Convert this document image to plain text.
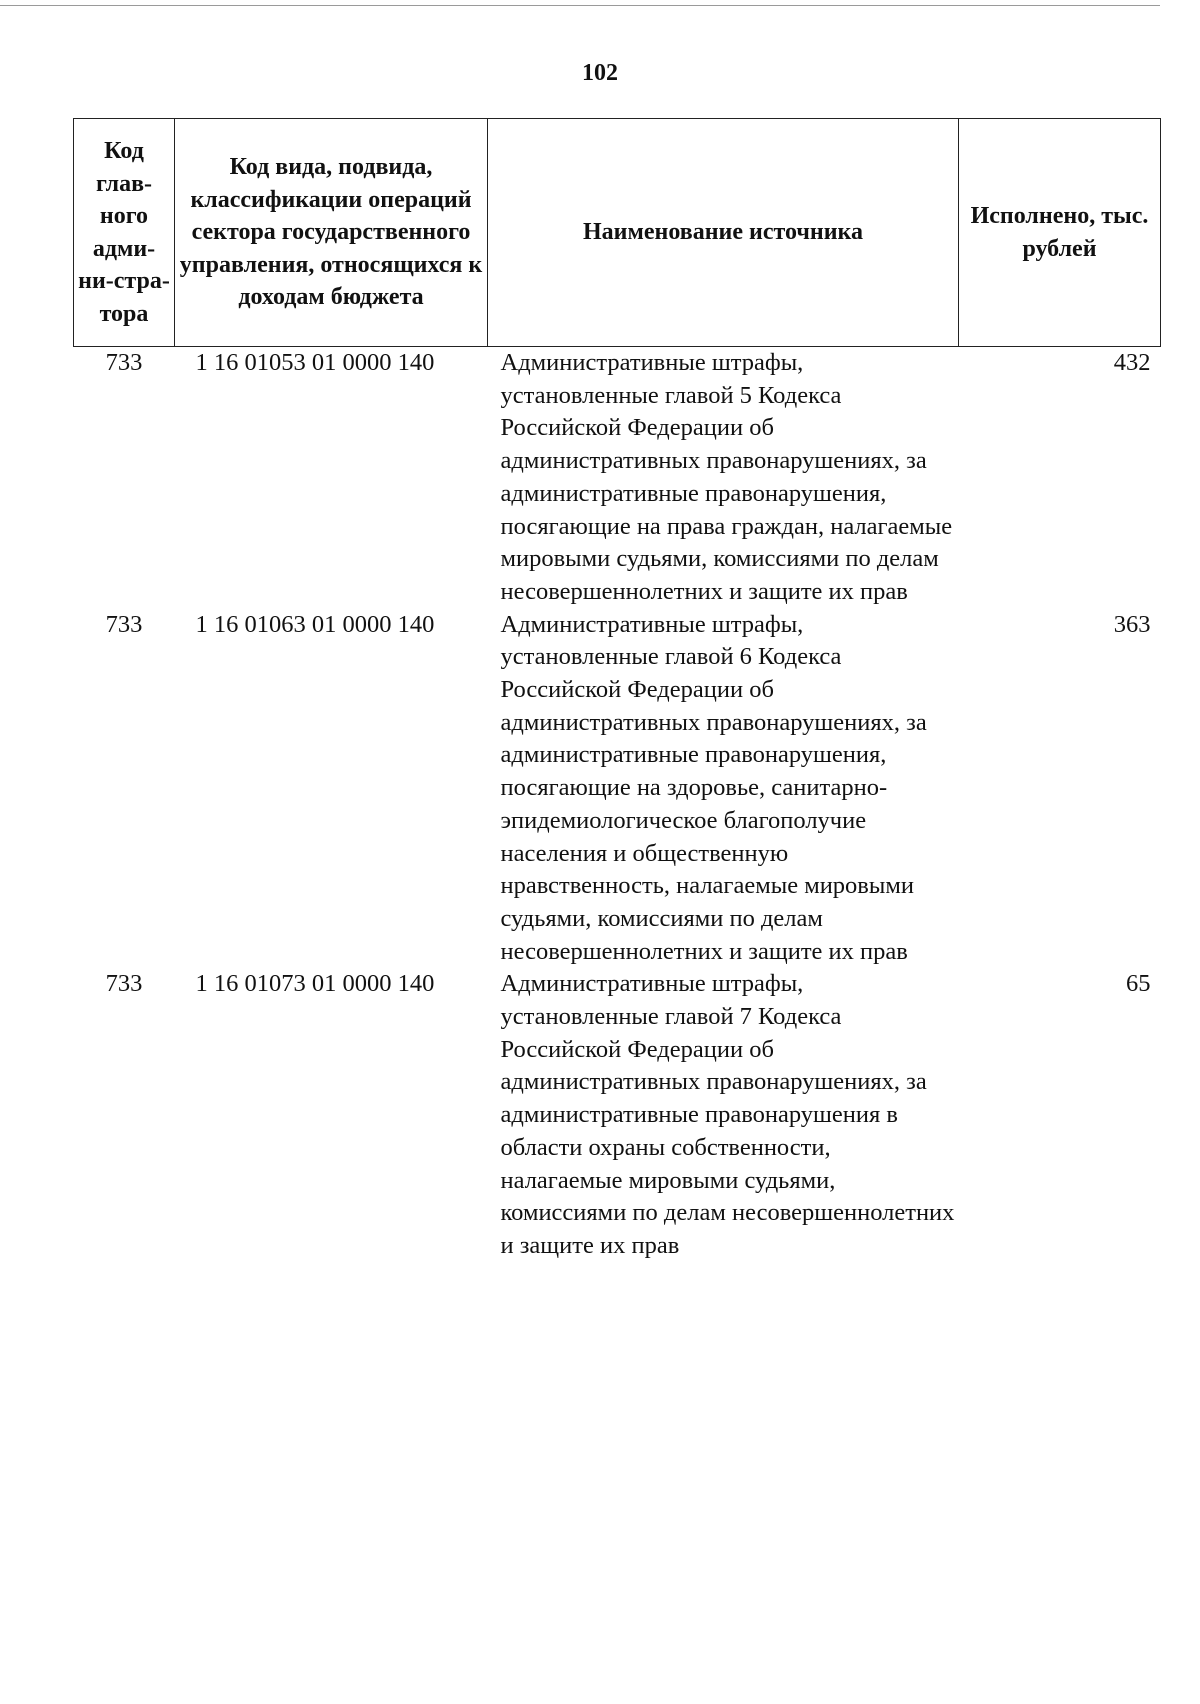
102
Код глав-ного адми-ни-стра-тора	Код вида, подвида, классификации операций сектора государственного управления, относящихся к доходам бюджета	Наименование источника	Исполнено, тыс. рублей
733	1 16 01053 01 0000 140	Административные штрафы, установленные главой 5 Кодекса Российской Федерации об административных правонарушениях, за административные правонарушения, посягающие на права граждан, налагаемые мировыми судьями, комиссиями по делам несовершеннолетних и защите их прав	432
733	1 16 01063 01 0000 140	Административные штрафы, установленные главой 6 Кодекса Российской Федерации об административных правонарушениях, за административные правонарушения, посягающие на здоровье, санитарно-эпидемиологическое благополучие населения и общественную нравственность, налагаемые мировыми судьями, комиссиями по делам несовершеннолетних и защите их прав	363
733	1 16 01073 01 0000 140	Административные штрафы, установленные главой 7 Кодекса Российской Федерации об административных правонарушениях, за административные правонарушения в области охраны собственности, налагаемые мировыми судьями, комиссиями по делам несовершеннолетних и защите их прав	65
